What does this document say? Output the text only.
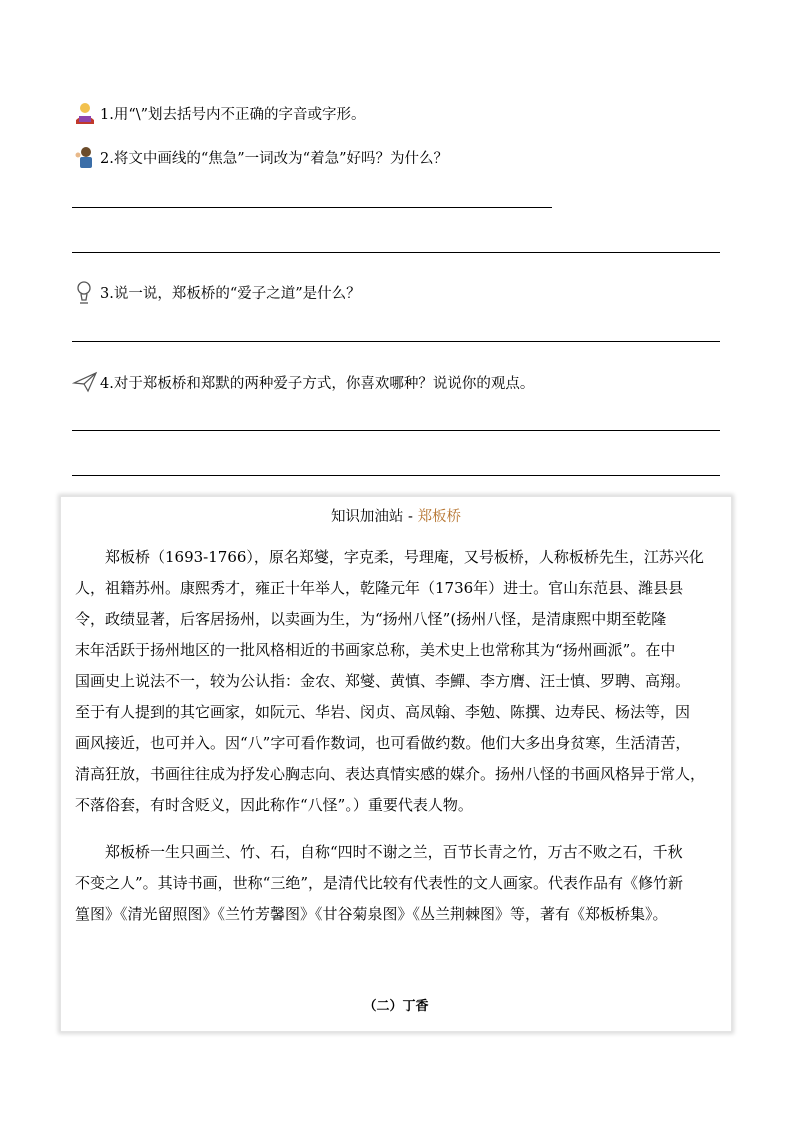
1.用“\”划去括号内不正确的字音或字形。
2.将文中画线的“焦急”一词改为“着急”好吗？为什么？
3.说一说，郑板桥的“爱子之道”是什么？
4.对于郑板桥和郑默的两种爱子方式，你喜欢哪种？说说你的观点。
知识加油站 - 郑板桥
郑板桥（1693-1766），原名郑燮，字克柔，号理庵，又号板桥，人称板桥先生，江苏兴化
人，祖籍苏州。康熙秀才，雍正十年举人，乾隆元年（1736年）进士。官山东范县、潍县县
令，政绩显著，后客居扬州，以卖画为生，为“扬州八怪”(扬州八怪，是清康熙中期至乾隆
末年活跃于扬州地区的一批风格相近的书画家总称，美术史上也常称其为“扬州画派”。在中
国画史上说法不一，较为公认指：金农、郑燮、黄慎、李鱓、李方膺、汪士慎、罗聘、高翔。
至于有人提到的其它画家，如阮元、华岩、闵贞、高凤翰、李勉、陈撰、边寿民、杨法等，因
画风接近，也可并入。因“八”字可看作数词，也可看做约数。他们大多出身贫寒，生活清苦，
清高狂放，书画往往成为抒发心胸志向、表达真情实感的媒介。扬州八怪的书画风格异于常人，
不落俗套，有时含贬义，因此称作“八怪”。）重要代表人物。
郑板桥一生只画兰、竹、石，自称“四时不谢之兰，百节长青之竹，万古不败之石，千秋
不变之人”。其诗书画，世称“三绝”，是清代比较有代表性的文人画家。代表作品有《修竹新
篁图》《清光留照图》《兰竹芳馨图》《甘谷菊泉图》《丛兰荆棘图》等，著有《郑板桥集》。
（二）丁香
